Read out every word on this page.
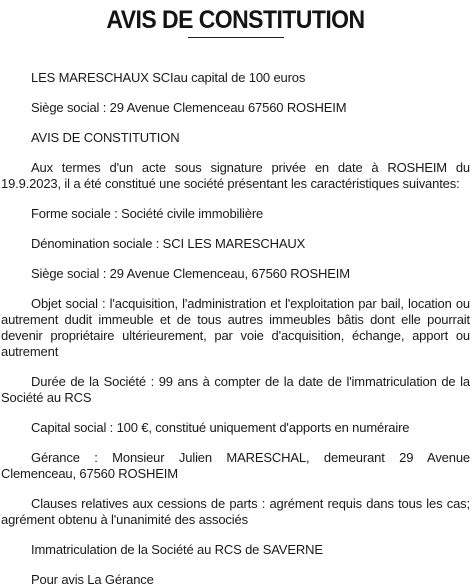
AVIS DE CONSTITUTION

LES MARESCHAUX SCIau capital de 100 euros

Siège social : 29 Avenue Clemenceau 67560 ROSHEIM

AVIS DE CONSTITUTION

Aux termes d'un acte sous signature privée en date à ROSHEIM du 19.9.2023, il a été constitué une société présentant les caractéristiques suivantes:

Forme sociale : Société civile immobilière

Dénomination sociale : SCI LES MARESCHAUX

Siège social : 29 Avenue Clemenceau, 67560 ROSHEIM

Objet social : l'acquisition, l'administration et l'exploitation par bail, location ou autrement dudit immeuble et de tous autres immeubles bâtis dont elle pourrait devenir propriétaire ultérieurement, par voie d'acquisition, échange, apport ou autrement

Durée de la Société : 99 ans à compter de la date de l'immatriculation de la Société au RCS

Capital social : 100 €, constitué uniquement d'apports en numéraire

Gérance : Monsieur Julien MARESCHAL, demeurant 29 Avenue Clemenceau, 67560 ROSHEIM

Clauses relatives aux cessions de parts : agrément requis dans tous les cas; agrément obtenu à l'unanimité des associés

Immatriculation de la Société au RCS de SAVERNE

Pour avis La Gérance
